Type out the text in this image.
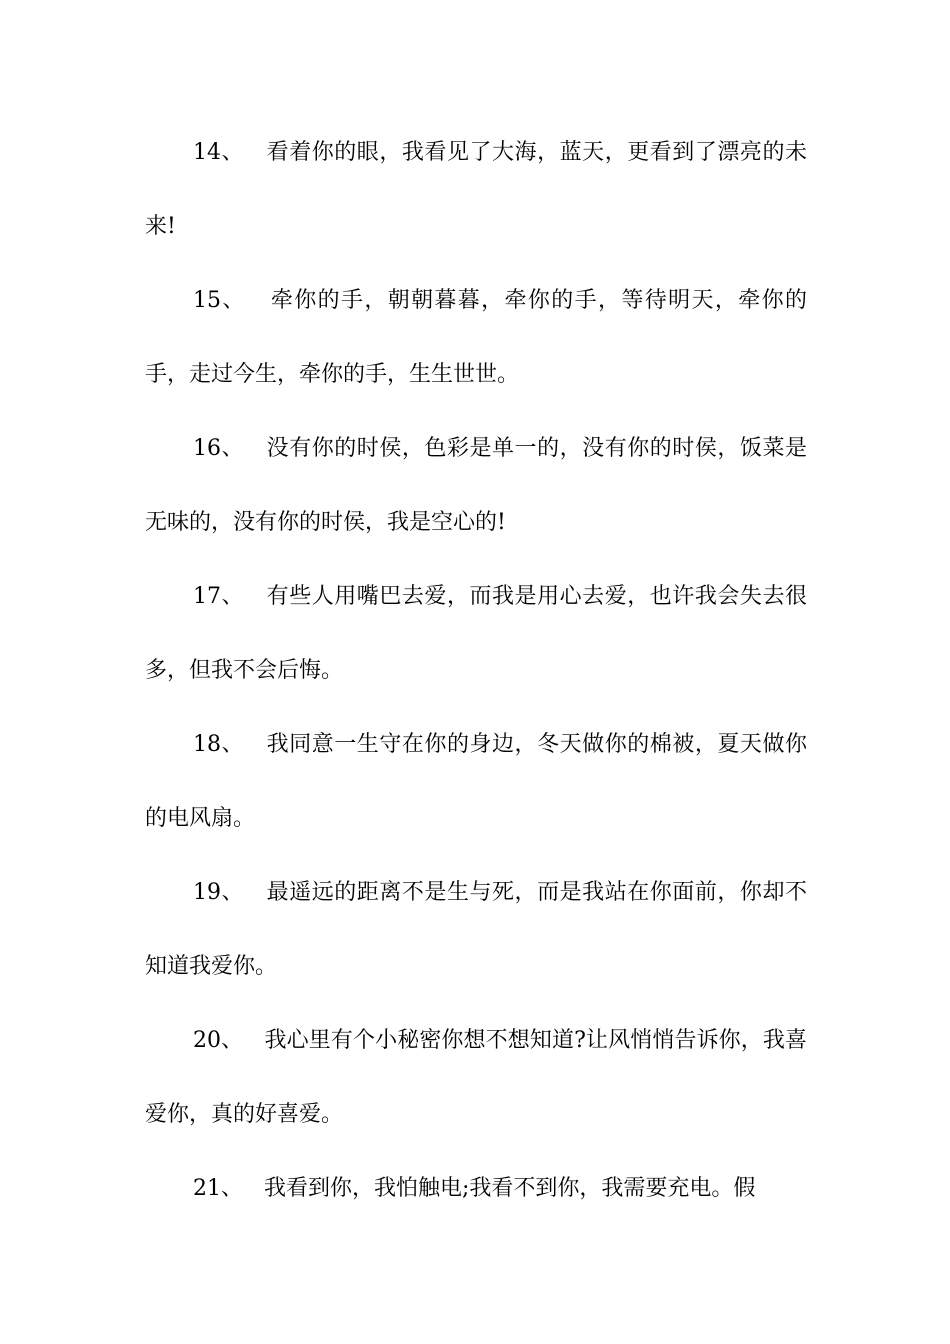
14、   看着你的眼，我看见了大海，蓝天，更看到了漂亮的未来!

15、   牵你的手，朝朝暮暮，牵你的手，等待明天，牵你的手，走过今生，牵你的手，生生世世。

16、   没有你的时侯，色彩是单一的，没有你的时侯，饭菜是无味的，没有你的时侯，我是空心的!

17、   有些人用嘴巴去爱，而我是用心去爱，也许我会失去很多，但我不会后悔。

18、   我同意一生守在你的身边，冬天做你的棉被，夏天做你的电风扇。

19、   最遥远的距离不是生与死，而是我站在你面前，你却不知道我爱你。

20、   我心里有个小秘密你想不想知道?让风悄悄告诉你，我喜爱你，真的好喜爱。

21、   我看到你，我怕触电;我看不到你，我需要充电。假
